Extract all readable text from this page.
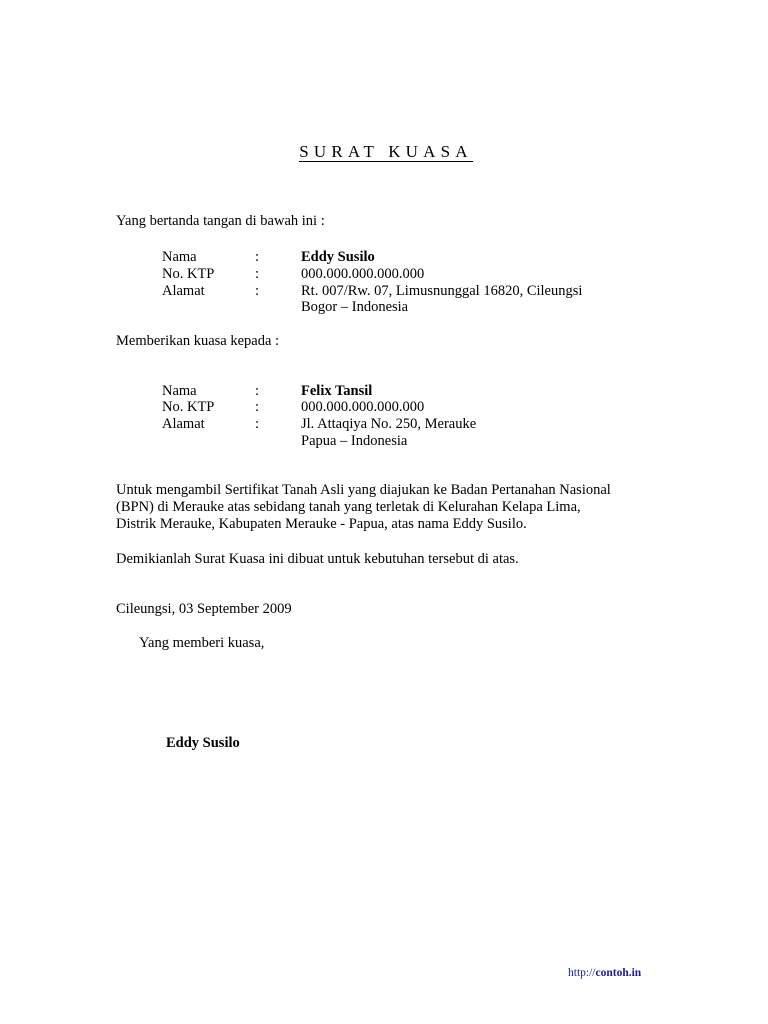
SURAT KUASA
Yang bertanda tangan di bawah ini :
Nama	:	Eddy Susilo
No. KTP	:	000.000.000.000.000
Alamat	:	Rt. 007/Rw. 07, Limusnunggal 16820, Cileungsi
Bogor – Indonesia
Memberikan kuasa kepada :
Nama	:	Felix Tansil
No. KTP	:	000.000.000.000.000
Alamat	:	Jl. Attaqiya No. 250, Merauke
Papua – Indonesia
Untuk mengambil Sertifikat Tanah Asli yang diajukan ke Badan Pertanahan Nasional
(BPN) di Merauke atas sebidang tanah yang terletak di Kelurahan Kelapa Lima,
Distrik Merauke, Kabupaten Merauke - Papua, atas nama Eddy Susilo.
Demikianlah Surat Kuasa ini dibuat untuk kebutuhan tersebut di atas.
Cileungsi, 03 September 2009
Yang memberi kuasa,
Eddy Susilo
http://contoh.in
